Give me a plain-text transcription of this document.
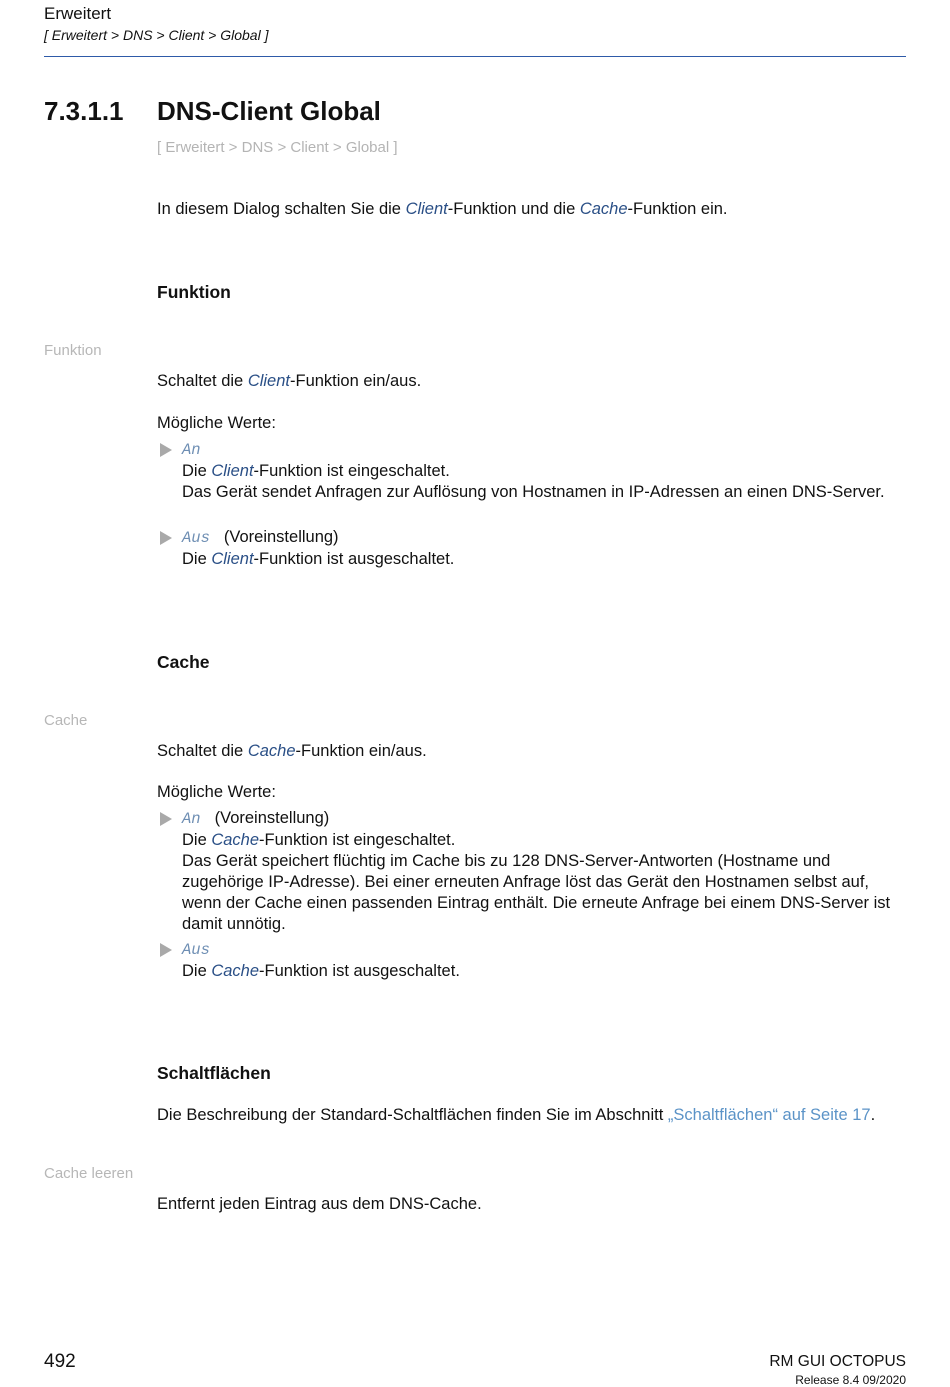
Erweitert
[ Erweitert > DNS > Client > Global ]
7.3.1.1 DNS-Client Global
[ Erweitert > DNS > Client > Global ]
In diesem Dialog schalten Sie die Client-Funktion und die Cache-Funktion ein.
Funktion
Funktion
Schaltet die Client-Funktion ein/aus.
Mögliche Werte:
An
Die Client-Funktion ist eingeschaltet.
Das Gerät sendet Anfragen zur Auflösung von Hostnamen in IP-Adressen an einen DNS-Server.
Aus (Voreinstellung)
Die Client-Funktion ist ausgeschaltet.
Cache
Cache
Schaltet die Cache-Funktion ein/aus.
Mögliche Werte:
An (Voreinstellung)
Die Cache-Funktion ist eingeschaltet.
Das Gerät speichert flüchtig im Cache bis zu 128 DNS-Server-Antworten (Hostname und zugehörige IP-Adresse). Bei einer erneuten Anfrage löst das Gerät den Hostnamen selbst auf, wenn der Cache einen passenden Eintrag enthält. Die erneute Anfrage bei einem DNS-Server ist damit unnötig.
Aus
Die Cache-Funktion ist ausgeschaltet.
Schaltflächen
Die Beschreibung der Standard-Schaltflächen finden Sie im Abschnitt „Schaltflächen“ auf Seite 17.
Cache leeren
Entfernt jeden Eintrag aus dem DNS-Cache.
492	RM GUI OCTOPUS
Release 8.4 09/2020
